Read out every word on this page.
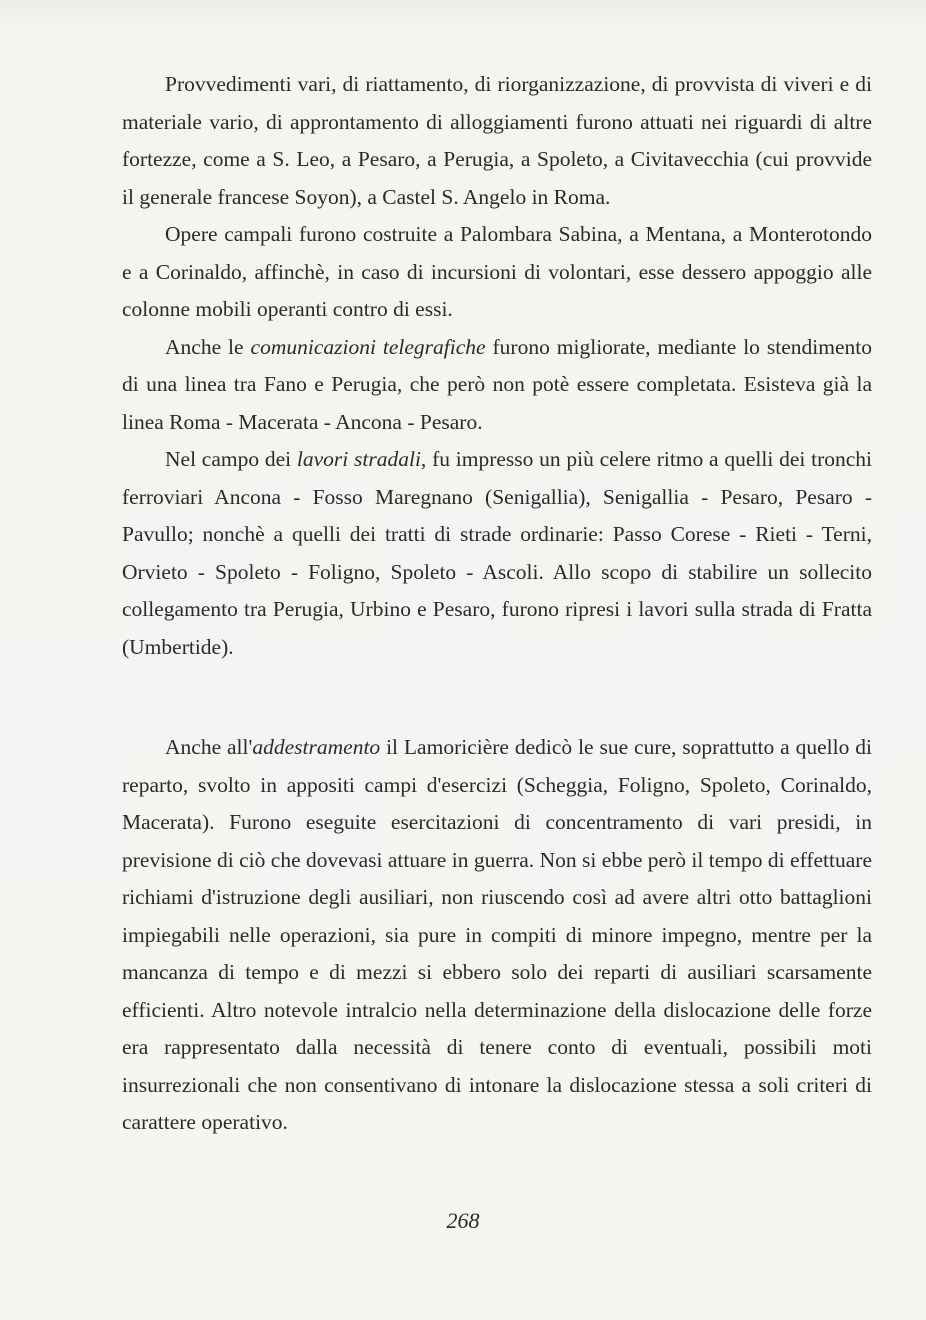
Provvedimenti vari, di riattamento, di riorganizzazione, di provvista di viveri e di materiale vario, di approntamento di alloggiamenti furono attuati nei riguardi di altre fortezze, come a S. Leo, a Pesaro, a Perugia, a Spoleto, a Civitavecchia (cui provvide il generale francese Soyon), a Castel S. Angelo in Roma.

Opere campali furono costruite a Palombara Sabina, a Mentana, a Monterotondo e a Corinaldo, affinchè, in caso di incursioni di volontari, esse dessero appoggio alle colonne mobili operanti contro di essi.

Anche le comunicazioni telegrafiche furono migliorate, mediante lo stendimento di una linea tra Fano e Perugia, che però non potè essere completata. Esisteva già la linea Roma - Macerata - Ancona - Pesaro.

Nel campo dei lavori stradali, fu impresso un più celere ritmo a quelli dei tronchi ferroviari Ancona - Fosso Maregnano (Senigallia), Senigallia - Pesaro, Pesaro - Pavullo; nonchè a quelli dei tratti di strade ordinarie: Passo Corese - Rieti - Terni, Orvieto - Spoleto - Foligno, Spoleto - Ascoli. Allo scopo di stabilire un sollecito collegamento tra Perugia, Urbino e Pesaro, furono ripresi i lavori sulla strada di Fratta (Umbertide).

Anche all'addestramento il Lamoricière dedicò le sue cure, soprattutto a quello di reparto, svolto in appositi campi d'esercizi (Scheggia, Foligno, Spoleto, Corinaldo, Macerata). Furono eseguite esercitazioni di concentramento di vari presidi, in previsione di ciò che dovevasi attuare in guerra. Non si ebbe però il tempo di effettuare richiami d'istruzione degli ausiliari, non riuscendo così ad avere altri otto battaglioni impiegabili nelle operazioni, sia pure in compiti di minore impegno, mentre per la mancanza di tempo e di mezzi si ebbero solo dei reparti di ausiliari scarsamente efficienti. Altro notevole intralcio nella determinazione della dislocazione delle forze era rappresentato dalla necessità di tenere conto di eventuali, possibili moti insurrezionali che non consentivano di intonare la dislocazione stessa a soli criteri di carattere operativo.

268
